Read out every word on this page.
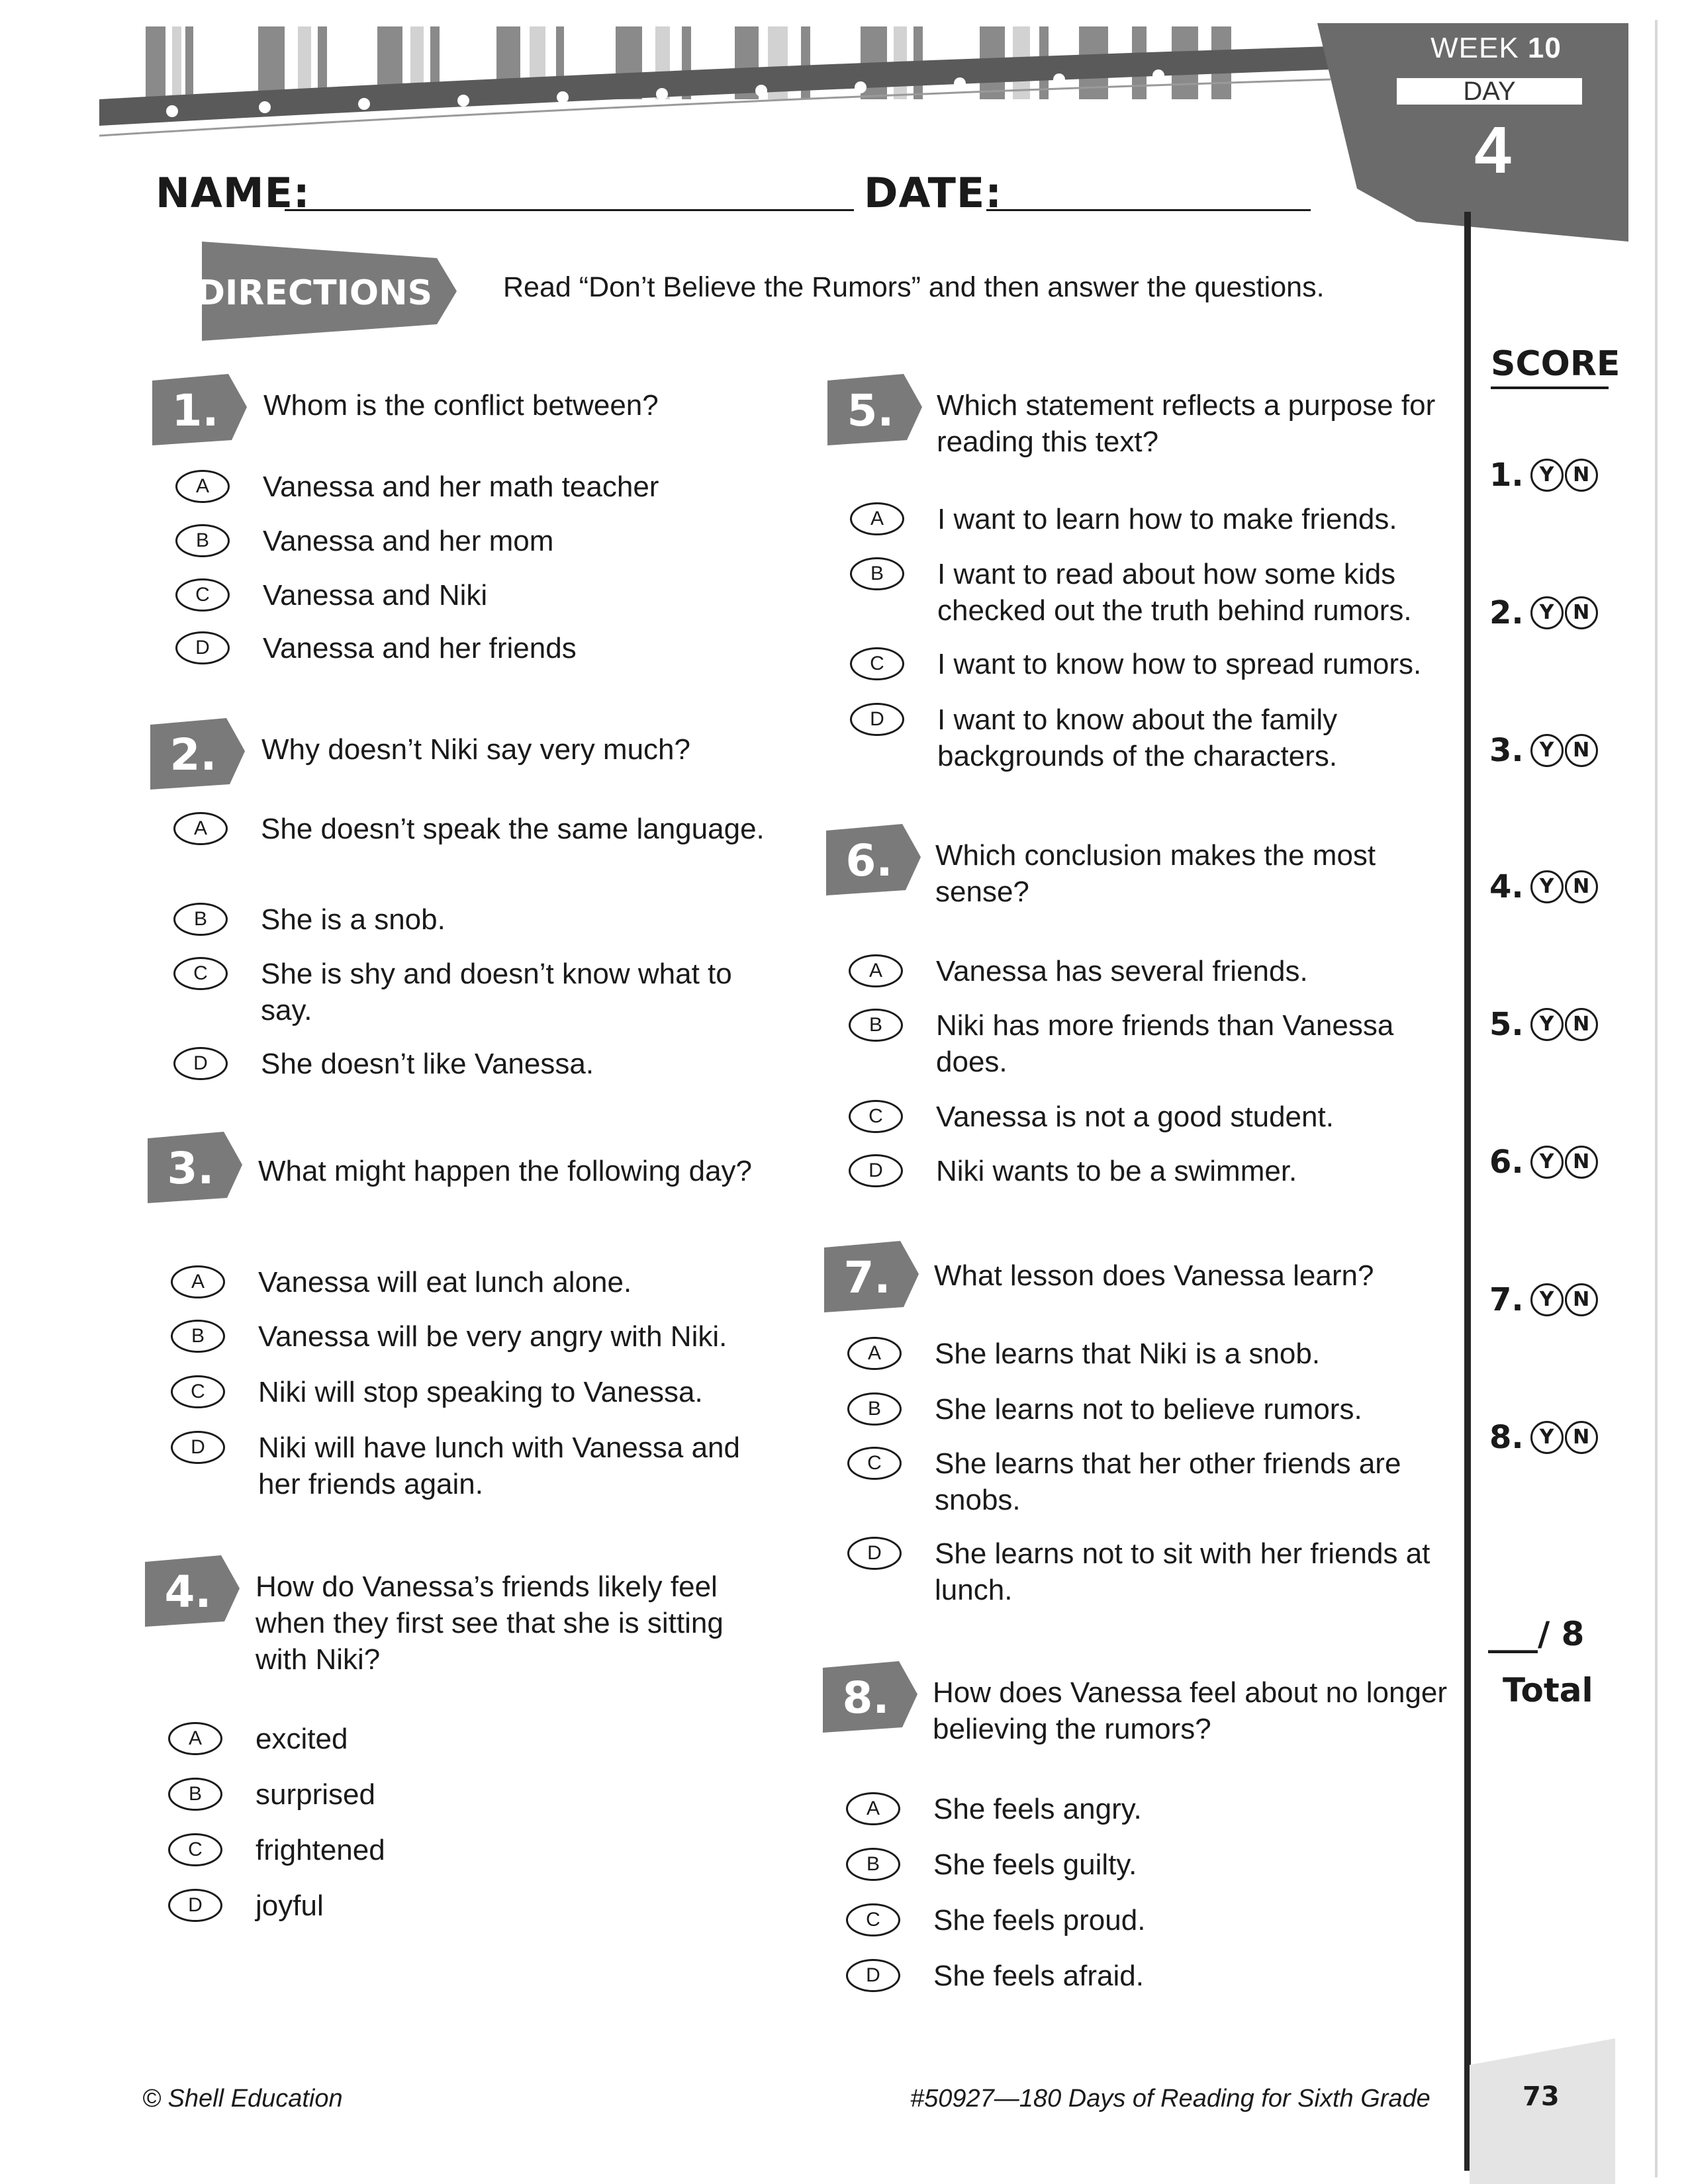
WEEK 10
DAY
4
NAME:	DATE:
DIRECTIONS Read “Don’t Believe the Rumors” and then answer the questions.
SCORE
1. Y N
2. Y N
3. Y N
4. Y N
5. Y N
6. Y N
7. Y N
8. Y N
___/ 8
Total
1. Whom is the conflict between?
A	Vanessa and her math teacher
B	Vanessa and her mom
C	Vanessa and Niki
D	Vanessa and her friends
2. Why doesn’t Niki say very much?
A	She doesn’t speak the same language.
B	She is a snob.
C	She is shy and doesn’t know what to say.
D	She doesn’t like Vanessa.
3. What might happen the following day?
A	Vanessa will eat lunch alone.
B	Vanessa will be very angry with Niki.
C	Niki will stop speaking to Vanessa.
D	Niki will have lunch with Vanessa and her friends again.
4. How do Vanessa’s friends likely feel when they first see that she is sitting with Niki?
A	excited
B	surprised
C	frightened
D	joyful
5. Which statement reflects a purpose for reading this text?
A	I want to learn how to make friends.
B	I want to read about how some kids checked out the truth behind rumors.
C	I want to know how to spread rumors.
D	I want to know about the family backgrounds of the characters.
6. Which conclusion makes the most sense?
A	Vanessa has several friends.
B	Niki has more friends than Vanessa does.
C	Vanessa is not a good student.
D	Niki wants to be a swimmer.
7. What lesson does Vanessa learn?
A	She learns that Niki is a snob.
B	She learns not to believe rumors.
C	She learns that her other friends are snobs.
D	She learns not to sit with her friends at lunch.
8. How does Vanessa feel about no longer believing the rumors?
A	She feels angry.
B	She feels guilty.
C	She feels proud.
D	She feels afraid.
© Shell Education	#50927—180 Days of Reading for Sixth Grade	73
